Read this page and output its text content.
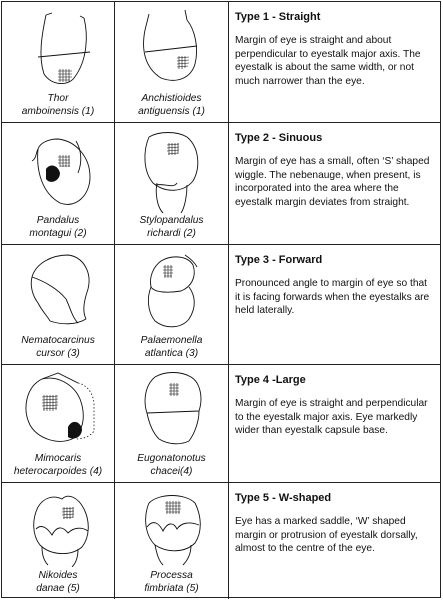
Thor
amboinensis (1)
Anchistioides
antiguensis (1)

Type 1 - Straight

Margin of eye is straight and about perpendicular to eyestalk major axis. The eyestalk is about the same width, or not much narrower than the eye.

Pandalus
montagui (2)
Stylopandalus
richardi (2)

Type 2 - Sinuous

Margin of eye has a small, often ‘S’ shaped wiggle. The nebenauge, when present, is incorporated into the area where the eyestalk margin deviates from straight.

Nematocarcinus
cursor (3)
Palaemonella
atlantica (3)

Type 3 - Forward

Pronounced angle to margin of eye so that it is facing forwards when the eyestalks are held laterally.

Mimocaris
heterocarpoides (4)
Eugonatonotus
chacei(4)

Type 4 -Large

Margin of eye is straight and perpendicular to the eyestalk major axis. Eye markedly wider than eyestalk capsule base.

Nikoides
danae (5)
Processa
fimbriata (5)

Type 5 - W-shaped

Eye has a marked saddle, ‘W’ shaped margin or protrusion of eyestalk dorsally, almost to the centre of the eye.
